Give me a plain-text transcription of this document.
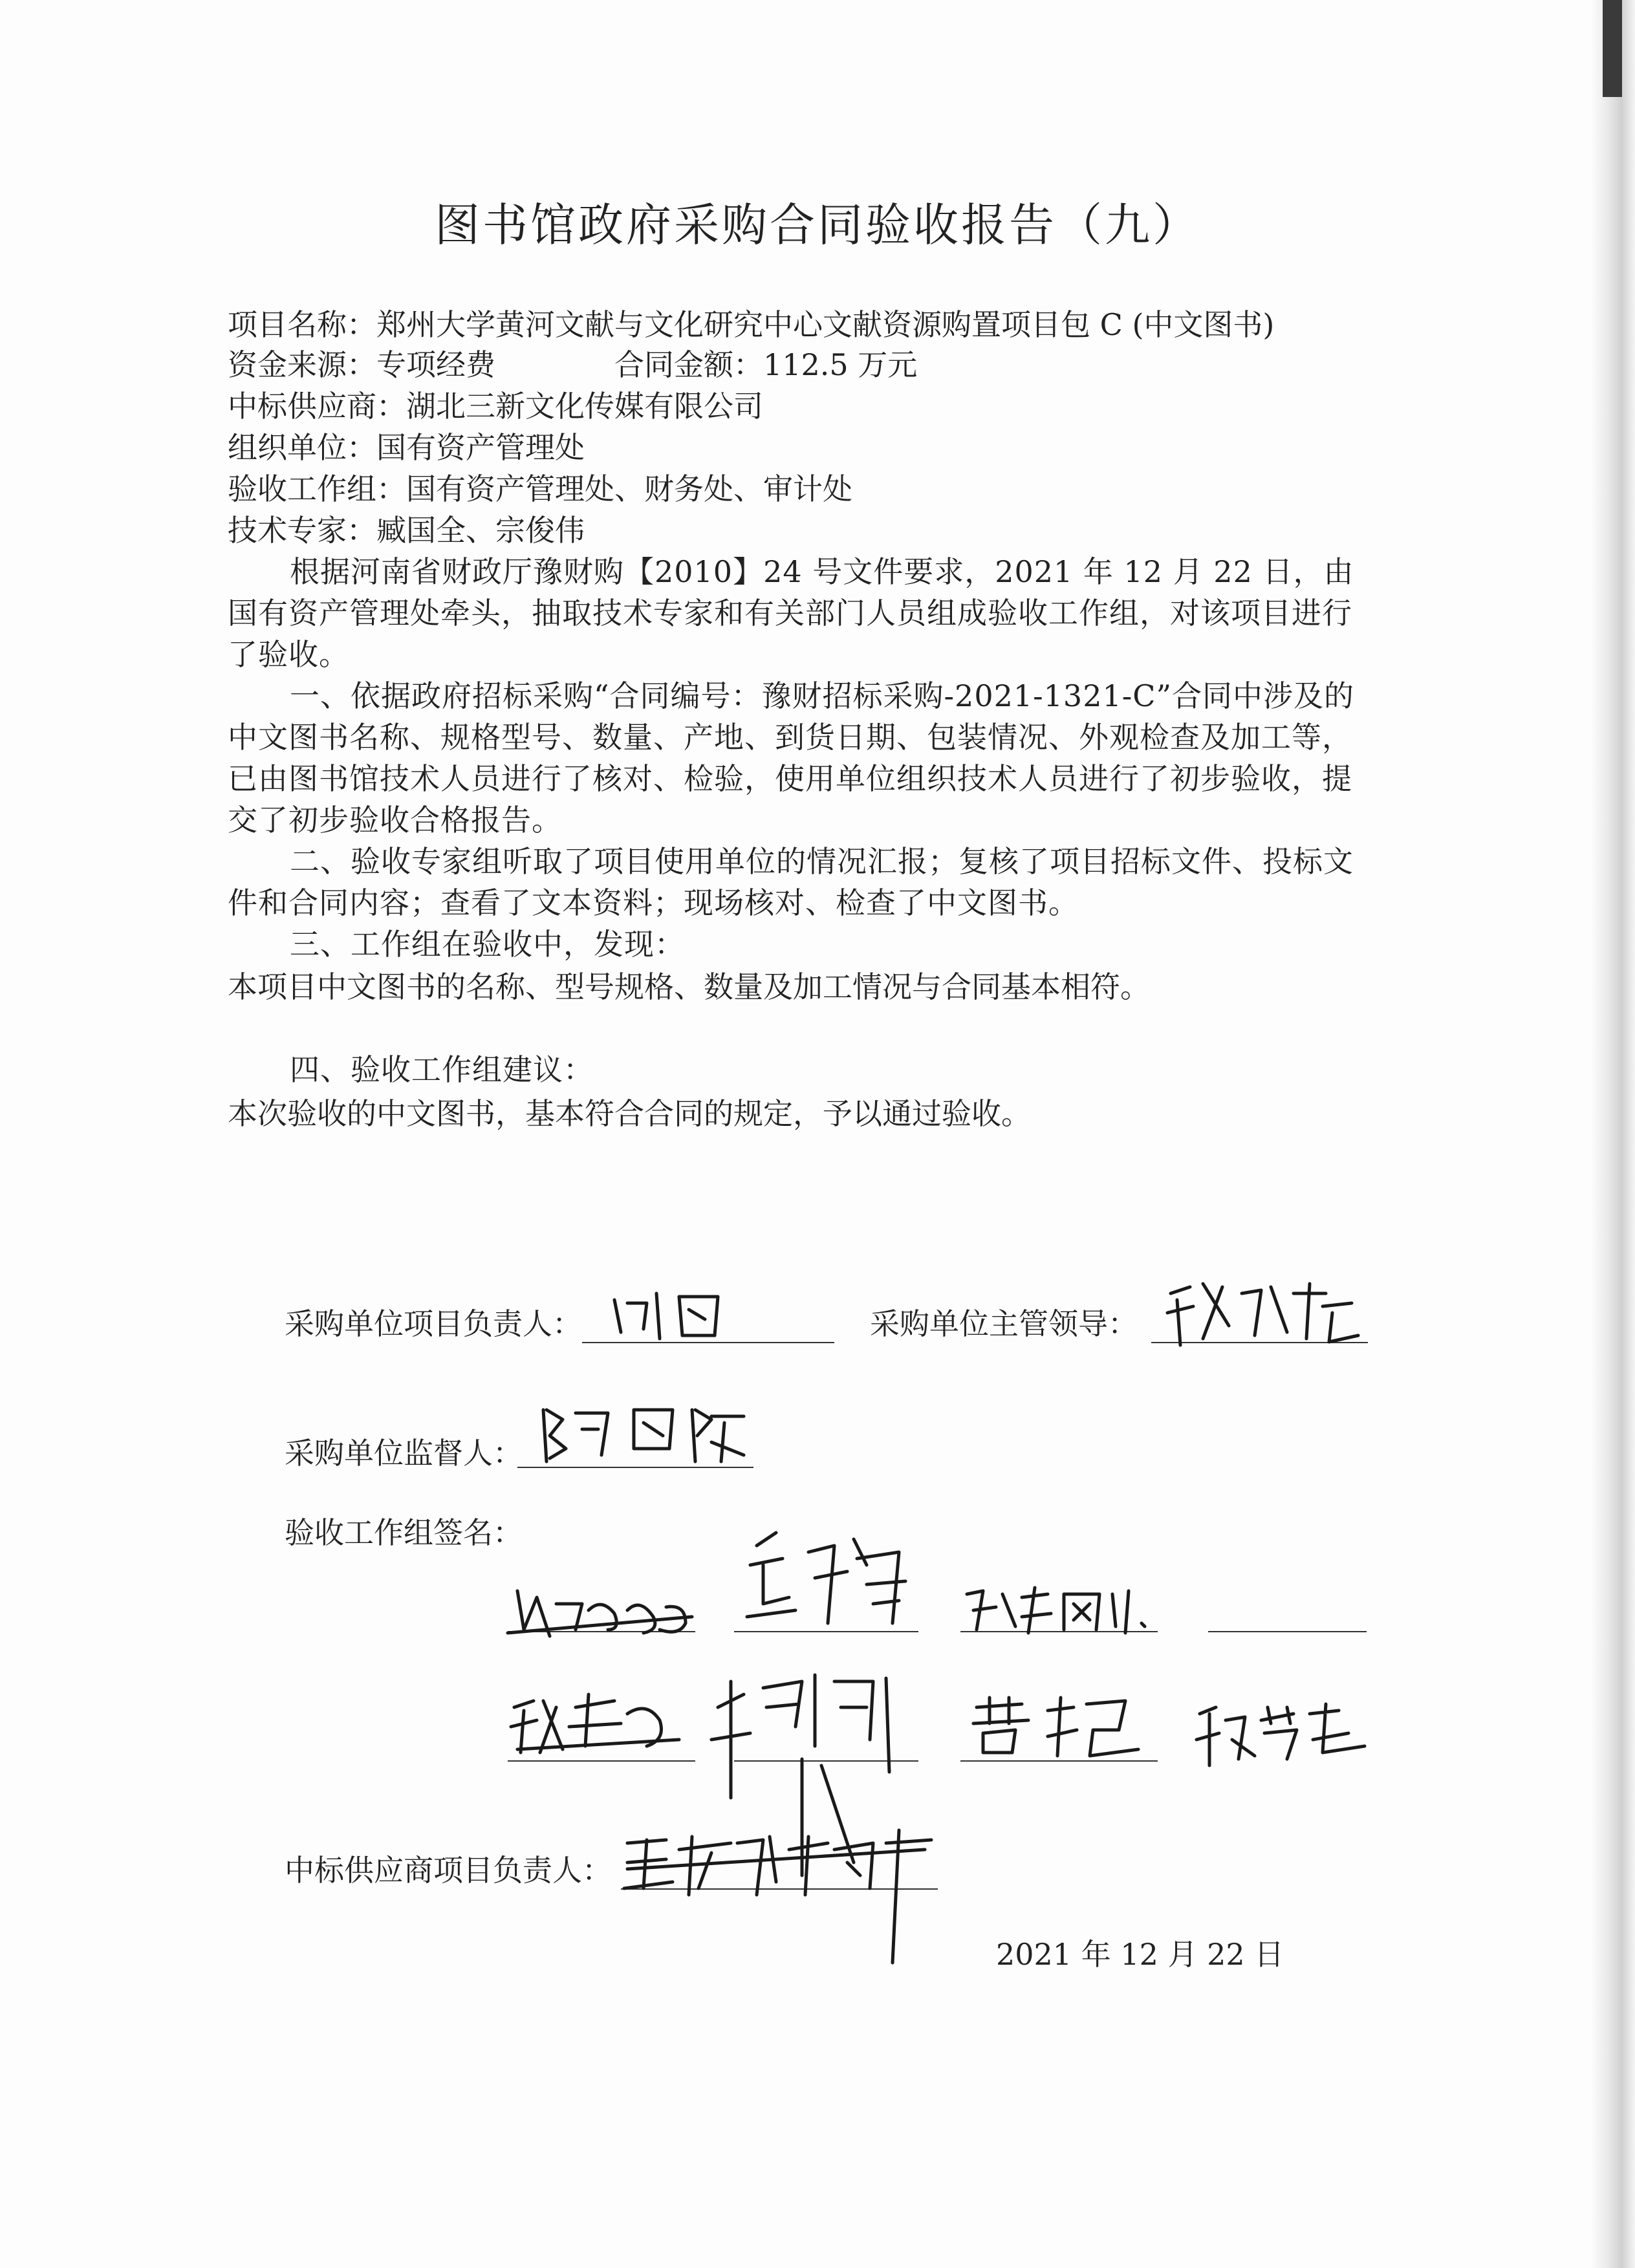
图书馆政府采购合同验收报告（九）
项目名称：郑州大学黄河文献与文化研究中心文献资源购置项目包 C (中文图书)
资金来源：专项经费	合同金额：112.5 万元
中标供应商：湖北三新文化传媒有限公司
组织单位：国有资产管理处
验收工作组：国有资产管理处、财务处、审计处
技术专家：臧国全、宗俊伟
根据河南省财政厅豫财购【2010】24 号文件要求，2021 年 12 月 22 日，由国有资产管理处牵头，抽取技术专家和有关部门人员组成验收工作组，对该项目进行了验收。
一、依据政府招标采购“合同编号：豫财招标采购-2021-1321-C”合同中涉及的中文图书名称、规格型号、数量、产地、到货日期、包装情况、外观检查及加工等，已由图书馆技术人员进行了核对、检验，使用单位组织技术人员进行了初步验收，提交了初步验收合格报告。
二、验收专家组听取了项目使用单位的情况汇报；复核了项目招标文件、投标文件和合同内容；查看了文本资料；现场核对、检查了中文图书。
三、工作组在验收中，发现：
本项目中文图书的名称、型号规格、数量及加工情况与合同基本相符。
四、验收工作组建议：
本次验收的中文图书，基本符合合同的规定，予以通过验收。
采购单位项目负责人：	采购单位主管领导：
采购单位监督人：
验收工作组签名：
中标供应商项目负责人：
2021 年 12 月 22 日
